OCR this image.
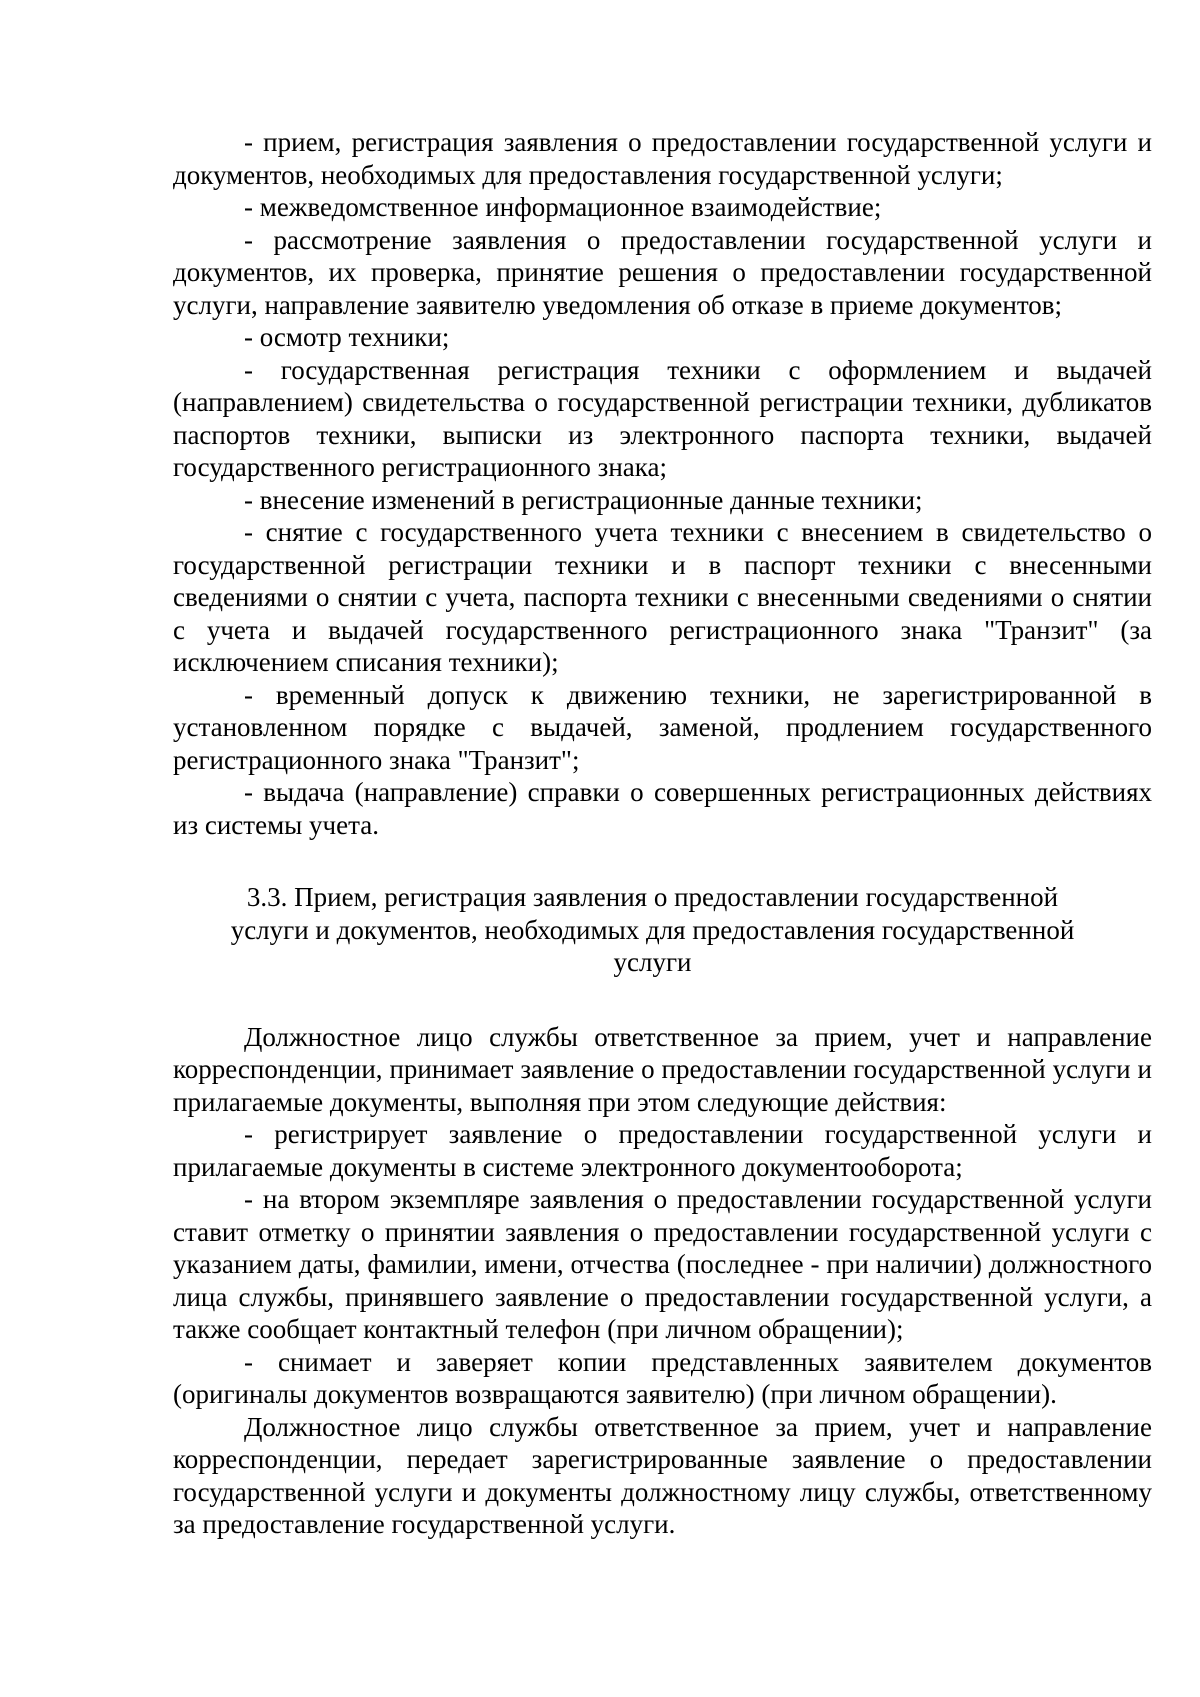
- прием, регистрация заявления о предоставлении государственной услуги и документов, необходимых для предоставления государственной услуги;

- межведомственное информационное взаимодействие;

- рассмотрение заявления о предоставлении государственной услуги и документов, их проверка, принятие решения о предоставлении государственной услуги, направление заявителю уведомления об отказе в приеме документов;

- осмотр техники;

- государственная регистрация техники с оформлением и выдачей (направлением) свидетельства о государственной регистрации техники, дубликатов паспортов техники, выписки из электронного паспорта техники, выдачей государственного регистрационного знака;

- внесение изменений в регистрационные данные техники;

- снятие с государственного учета техники с внесением в свидетельство о государственной регистрации техники и в паспорт техники с внесенными сведениями о снятии с учета, паспорта техники с внесенными сведениями о снятии с учета и выдачей государственного регистрационного знака "Транзит" (за исключением списания техники);

- временный допуск к движению техники, не зарегистрированной в установленном порядке с выдачей, заменой, продлением государственного регистрационного знака "Транзит";

- выдача (направление) справки о совершенных регистрационных действиях из системы учета.

3.3. Прием, регистрация заявления о предоставлении государственной услуги и документов, необходимых для предоставления государственной услуги

Должностное лицо службы ответственное за прием, учет и направление корреспонденции, принимает заявление о предоставлении государственной услуги и прилагаемые документы, выполняя при этом следующие действия:

- регистрирует заявление о предоставлении государственной услуги и прилагаемые документы в системе электронного документооборота;

- на втором экземпляре заявления о предоставлении государственной услуги ставит отметку о принятии заявления о предоставлении государственной услуги с указанием даты, фамилии, имени, отчества (последнее - при наличии) должностного лица службы, принявшего заявление о предоставлении государственной услуги, а также сообщает контактный телефон (при личном обращении);

- снимает и заверяет копии представленных заявителем документов (оригиналы документов возвращаются заявителю) (при личном обращении).

Должностное лицо службы ответственное за прием, учет и направление корреспонденции, передает зарегистрированные заявление о предоставлении государственной услуги и документы должностному лицу службы, ответственному за предоставление государственной услуги.
